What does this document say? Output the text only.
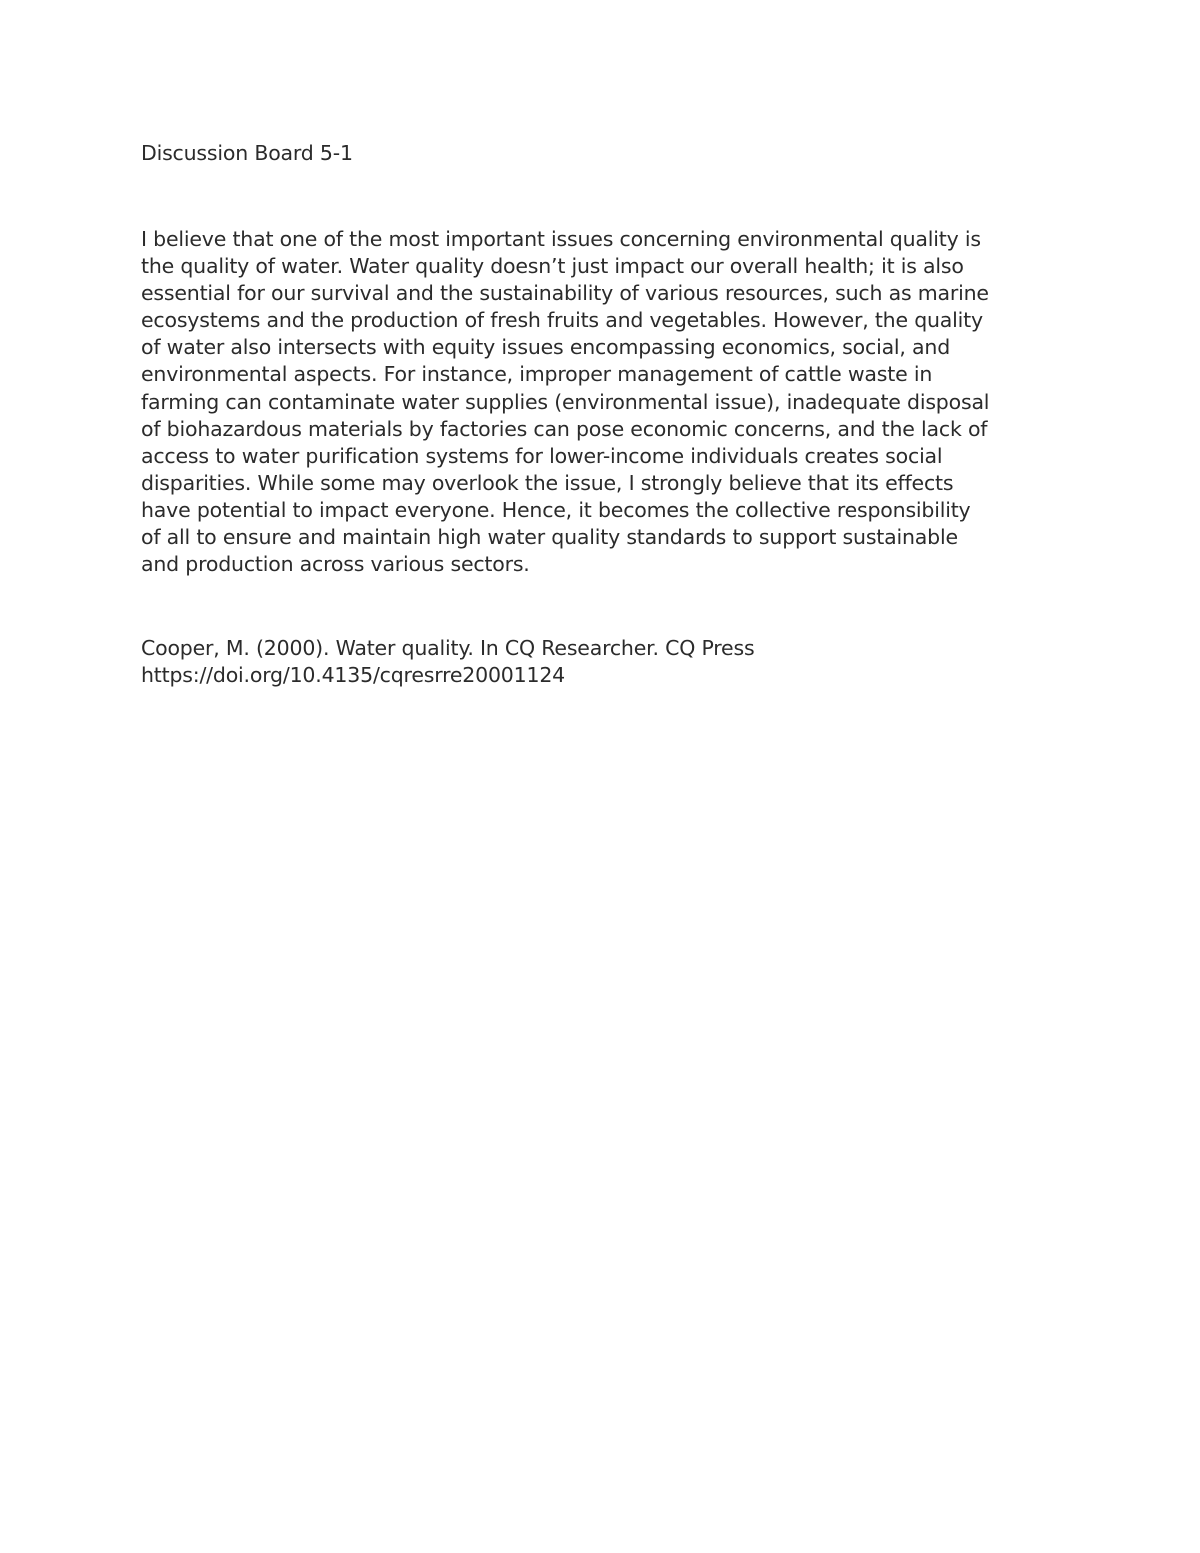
Discussion Board 5-1

I believe that one of the most important issues concerning environmental quality is
the quality of water. Water quality doesn’t just impact our overall health; it is also
essential for our survival and the sustainability of various resources, such as marine
ecosystems and the production of fresh fruits and vegetables. However, the quality
of water also intersects with equity issues encompassing economics, social, and
environmental aspects. For instance, improper management of cattle waste in
farming can contaminate water supplies (environmental issue), inadequate disposal
of biohazardous materials by factories can pose economic concerns, and the lack of
access to water purification systems for lower-income individuals creates social
disparities. While some may overlook the issue, I strongly believe that its effects
have potential to impact everyone. Hence, it becomes the collective responsibility
of all to ensure and maintain high water quality standards to support sustainable
and production across various sectors.

Cooper, M. (2000). Water quality. In CQ Researcher. CQ Press
https://doi.org/10.4135/cqresrre20001124
